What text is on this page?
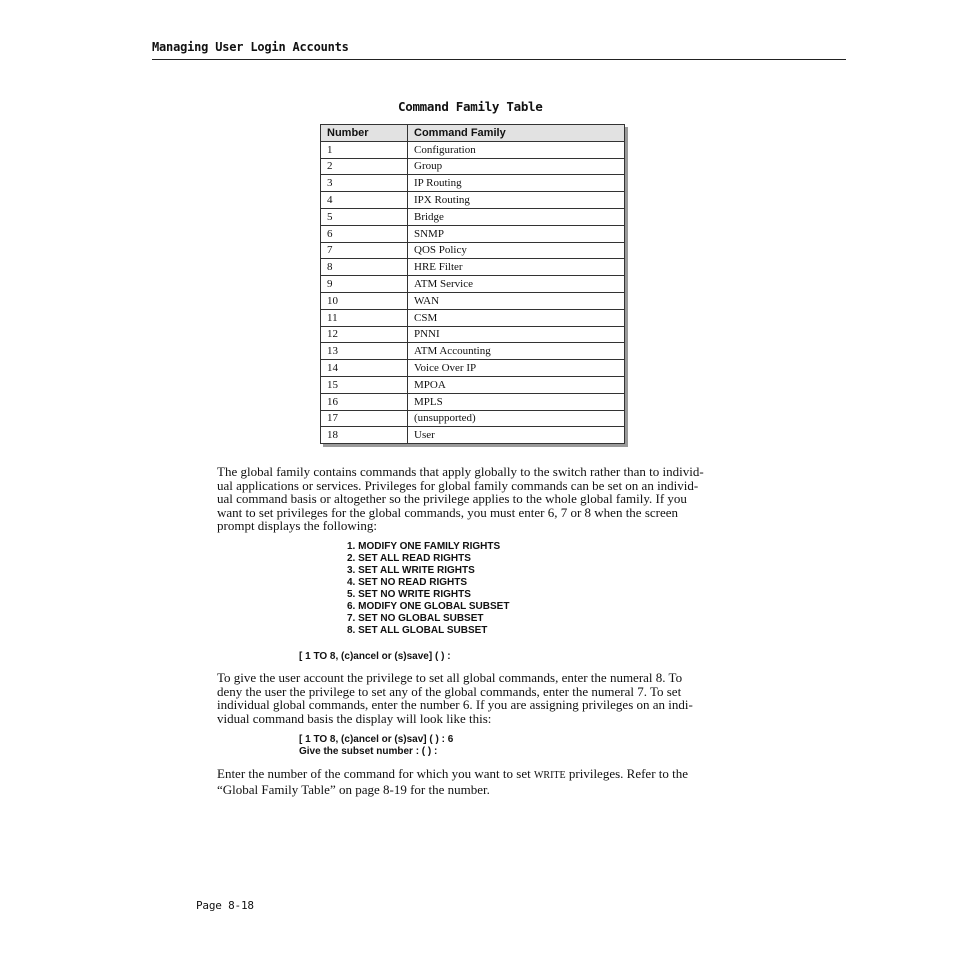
Managing User Login Accounts
Command Family Table
Number	Command Family
1	Configuration
2	Group
3	IP Routing
4	IPX Routing
5	Bridge
6	SNMP
7	QOS Policy
8	HRE Filter
9	ATM Service
10	WAN
11	CSM
12	PNNI
13	ATM Accounting
14	Voice Over IP
15	MPOA
16	MPLS
17	(unsupported)
18	User
The global family contains commands that apply globally to the switch rather than to individ-
ual applications or services. Privileges for global family commands can be set on an individ-
ual command basis or altogether so the privilege applies to the whole global family. If you
want to set privileges for the global commands, you must enter 6, 7 or 8 when the screen
prompt displays the following:
1. MODIFY ONE FAMILY RIGHTS
2. SET ALL READ RIGHTS
3. SET ALL WRITE RIGHTS
4. SET NO READ RIGHTS
5. SET NO WRITE RIGHTS
6. MODIFY ONE GLOBAL SUBSET
7. SET NO GLOBAL SUBSET
8. SET ALL GLOBAL SUBSET
[ 1 TO 8, (c)ancel or (s)save] ( ) :
To give the user account the privilege to set all global commands, enter the numeral 8. To
deny the user the privilege to set any of the global commands, enter the numeral 7. To set
individual global commands, enter the number 6. If you are assigning privileges on an indi-
vidual command basis the display will look like this:
[ 1 TO 8, (c)ancel or (s)sav] ( ) : 6
Give the subset number : ( ) :
Enter the number of the command for which you want to set WRITE privileges. Refer to the
“Global Family Table” on page 8-19 for the number.
Page 8-18
